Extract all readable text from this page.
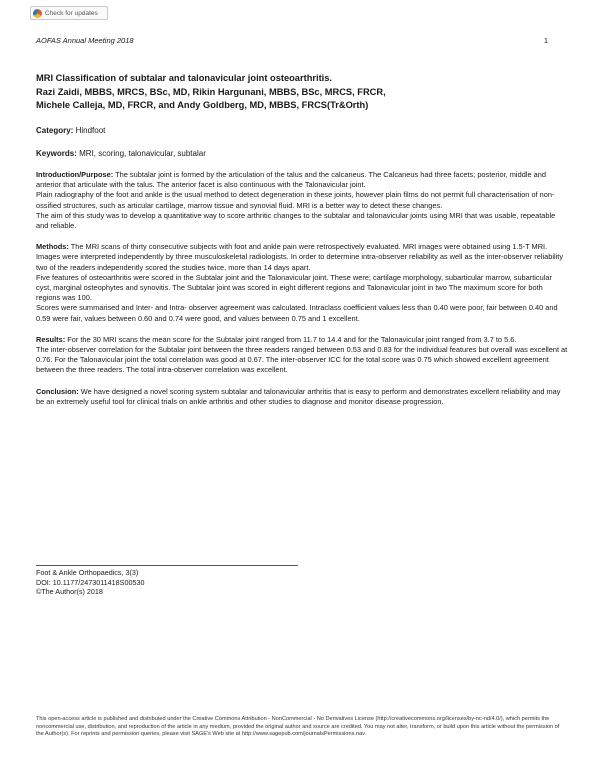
Check for updates
AOFAS Annual Meeting 2018	1

MRI Classification of subtalar and talonavicular joint osteoarthritis.

Razi Zaidi, MBBS, MRCS, BSc, MD, Rikin Hargunani, MBBS, BSc, MRCS, FRCR,

Michele Calleja, MD, FRCR, and Andy Goldberg, MD, MBBS, FRCS(Tr&Orth)

Category: Hindfoot
Keywords: MRI, scoring, talonavicular, subtalar

Introduction/Purpose: The subtalar joint is formed by the articulation of the talus and the calcaneus. The Calcaneus had three facets; posterior, middle and anterior that articulate with the talus. The anterior facet is also continuous with the Talonavicular joint.

Plain radiography of the foot and ankle is the usual method to detect degeneration in these joints, however plain films do not permit full characterisation of non-ossified structures, such as articular cartilage, marrow tissue and synovial fluid. MRI is a better way to detect these changes.

The aim of this study was to develop a quantitative way to score arthritic changes to the subtalar and talonavicular joints using MRI that was usable, repeatable and reliable.

Methods: The MRI scans of thirty consecutive subjects with foot and ankle pain were retrospectively evaluated. MRI images were obtained using 1.5-T MRI. Images were interpreted independently by three musculoskeletal radiologists. In order to determine intra-observer reliability as well as the inter-observer reliability two of the readers independently scored the studies twice, more than 14 days apart.

Five features of osteoarthritis were scored in the Subtalar joint and the Talonavicular joint. These were; cartilage morphology, subarticular marrow, subarticular cyst, marginal osteophytes and synovitis. The Subtalar joint was scored in eight different regions and Talonavicular joint in two The maximum score for both regions was 100.

Scores were summarised and Inter- and Intra- observer agreement was calculated. Intraclass coefficient values less than 0.40 were poor, fair between 0.40 and 0.59 were fair, values between 0.60 and 0.74 were good, and values between 0.75 and 1 excellent.

Results: For the 30 MRI scans the mean score for the Subtalar joint ranged from 11.7 to 14.4 and for the Talonavicular joint ranged from 3.7 to 5.6.

The inter-observer correlation for the Subtalar joint between the three readers ranged between 0.53 and 0.83 for the individual features but overall was excellent at 0.76. For the Talonavicular joint the total correlation was good at 0.67. The inter-observer ICC for the total score was 0.75 which showed excellent agreement between the three readers. The total intra-observer correlation was excellent.

Conclusion: We have designed a novel scoring system subtalar and talonavicular arthritis that is easy to perform and demonstrates excellent reliability and may be an extremely useful tool for clinical trials on ankle arthritis and other studies to diagnose and monitor disease progression.

Foot & Ankle Orthopaedics, 3(3)
DOI: 10.1177/2473011418S00530
©The Author(s) 2018
This open-access article is published and distributed under the Creative Commons Attribution - NonCommercial - No Derivatives License (http://creativecommons.org/licenses/by-nc-nd/4.0/), which permits the noncommercial use, distribution, and reproduction of the article in any medium, provided the original author and source are credited. You may not alter, transform, or build upon this article without the permission of the Author(s). For reprints and permission queries, please visit SAGE's Web site at http://www.sagepub.com/journalsPermissions.nav.
